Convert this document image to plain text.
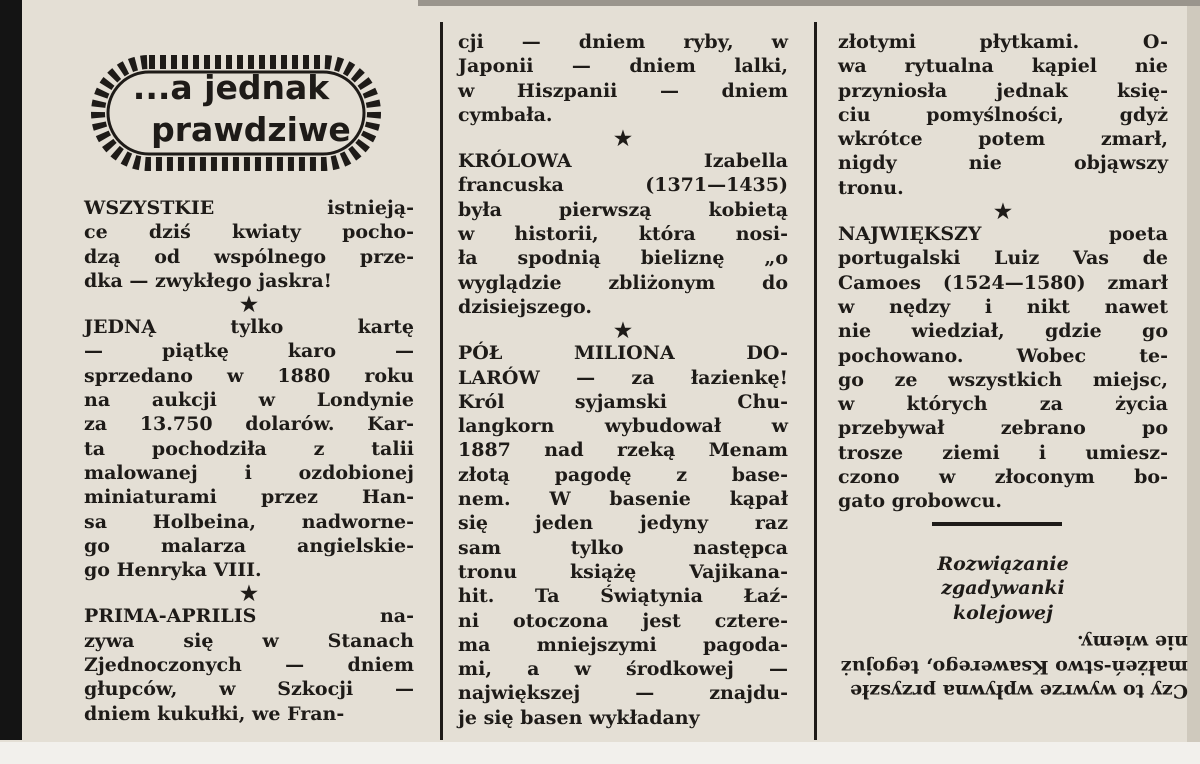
...a jednak
prawdziwe

WSZYSTKIE istnieją-
ce dziś kwiaty pocho-
dzą od wspólnego prze-
dka — zwykłego jaskra!

★

JEDNĄ tylko kartę
— piątkę karo —
sprzedano w 1880 roku
na aukcji w Londynie
za 13.750 dolarów. Kar-
ta pochodziła z talii
malowanej i ozdobionej
miniaturami przez Han-
sa Holbeina, nadworne-
go malarza angielskie-
go Henryka VIII.

★

PRIMA-APRILIS na-
zywa się w Stanach
Zjednoczonych — dniem
głupców, w Szkocji —
dniem kukułki, we Fran-

cji — dniem ryby, w
Japonii — dniem lalki,
w Hiszpanii — dniem
cymbała.

★

KRÓLOWA Izabella
francuska (1371—1435)
była pierwszą kobietą
w historii, która nosi-
ła spodnią bieliznę „o
wyglądzie zbliżonym do
dzisiejszego.

★

PÓŁ MILIONA DO-
LARÓW — za łazienkę!
Król syjamski Chu-
langkorn wybudował w
1887 nad rzeką Menam
złotą pagodę z base-
nem. W basenie kąpał
się jeden jedyny raz
sam tylko następca
tronu książę Vajikana-
hit. Ta Świątynia Łaź-
ni otoczona jest cztere-
ma mniejszymi pagoda-
mi, a w środkowej —
największej — znajdu-
je się basen wykładany

złotymi płytkami. O-
wa rytualna kąpiel nie
przyniosła jednak księ-
ciu pomyślności, gdyż
wkrótce potem zmarł,
nigdy nie objąwszy
tronu.

★

NAJWIĘKSZY poeta
portugalski Luiz Vas de
Camoes (1524—1580) zmarł
w nędzy i nikt nawet
nie wiedział, gdzie go
pochowano. Wobec te-
go ze wszystkich miejsc,
w których za życia
przebywał zebrano po
trosze ziemi i umiesz-
czono w złoconym bo-
gato grobowcu.

Rozwiązanie
zgadywanki
kolejowej
Czy to wywrze wpływna przyszłe małżeń-stwo Ksawerego, tegojuż nie wiemy.
